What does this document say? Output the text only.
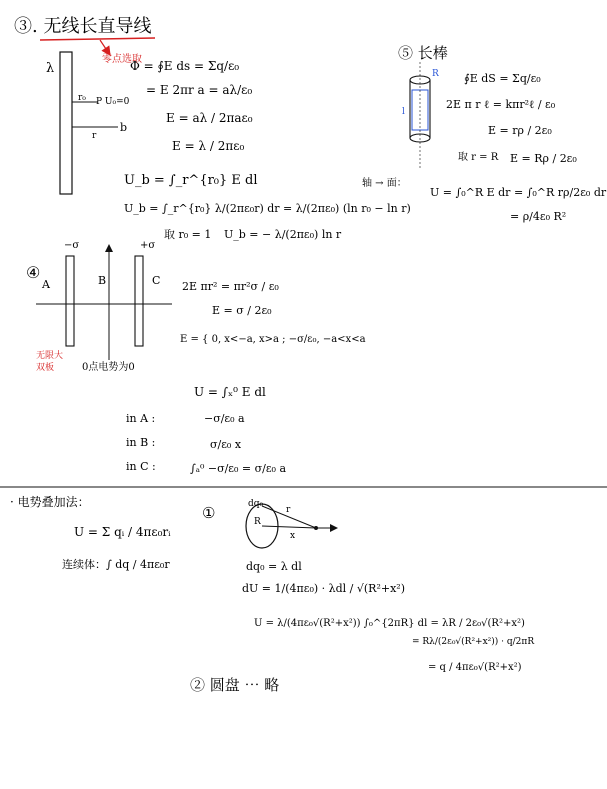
③. 无线长直导线
零点选取
λ
r₀ P U₀=0
r
b
Φ = ∮E ds = Σq/ε₀
= E 2πr a = aλ/ε₀
E = aλ / 2πaε₀
E = λ / 2πε₀
U_b = ∫_r^{r₀} E dl
U_b = ∫_r^{r₀} λ/(2πε₀r) dr = λ/(2πε₀) (ln r₀ − ln r)
取 r₀ = 1 U_b = − λ/(2πε₀) ln r
⑤ 长棒
R
l
∮E dS = Σq/ε₀
2E π r ℓ = kπr²ℓ / ε₀
E = rρ / 2ε₀
取 r = R E = Rρ / 2ε₀
轴 → 面：
U = ∫₀^R E dr = ∫₀^R rρ/2ε₀ dr
= ρ/4ε₀ R²
④
−σ	+σ
A	B	C
无限大 双板	0点电势为0
2E πr² = πr²σ / ε₀
E = σ / 2ε₀
E = { 0, x<−a, x>a ; −σ/ε₀, −a<x<a
U = ∫ₓ⁰ E dl
in A :	−σ/ε₀ a
in B :	σ/ε₀ x
in C :	∫ₐ⁰ −σ/ε₀ = σ/ε₀ a
· 电势叠加法：
U = Σ qᵢ / 4πε₀rᵢ
连续体：∫ dq / 4πε₀r
①	dq₀
R
r
x
dq₀ = λ dl
dU = 1/(4πε₀) · λdl / √(R²+x²)
U = λ/(4πε₀√(R²+x²)) ∫₀^{2πR} dl = λR / 2ε₀√(R²+x²)
= Rλ/(2ε₀√(R²+x²)) · q/2πR
= q / 4πε₀√(R²+x²)
② 圆盘 ⋯ 略
